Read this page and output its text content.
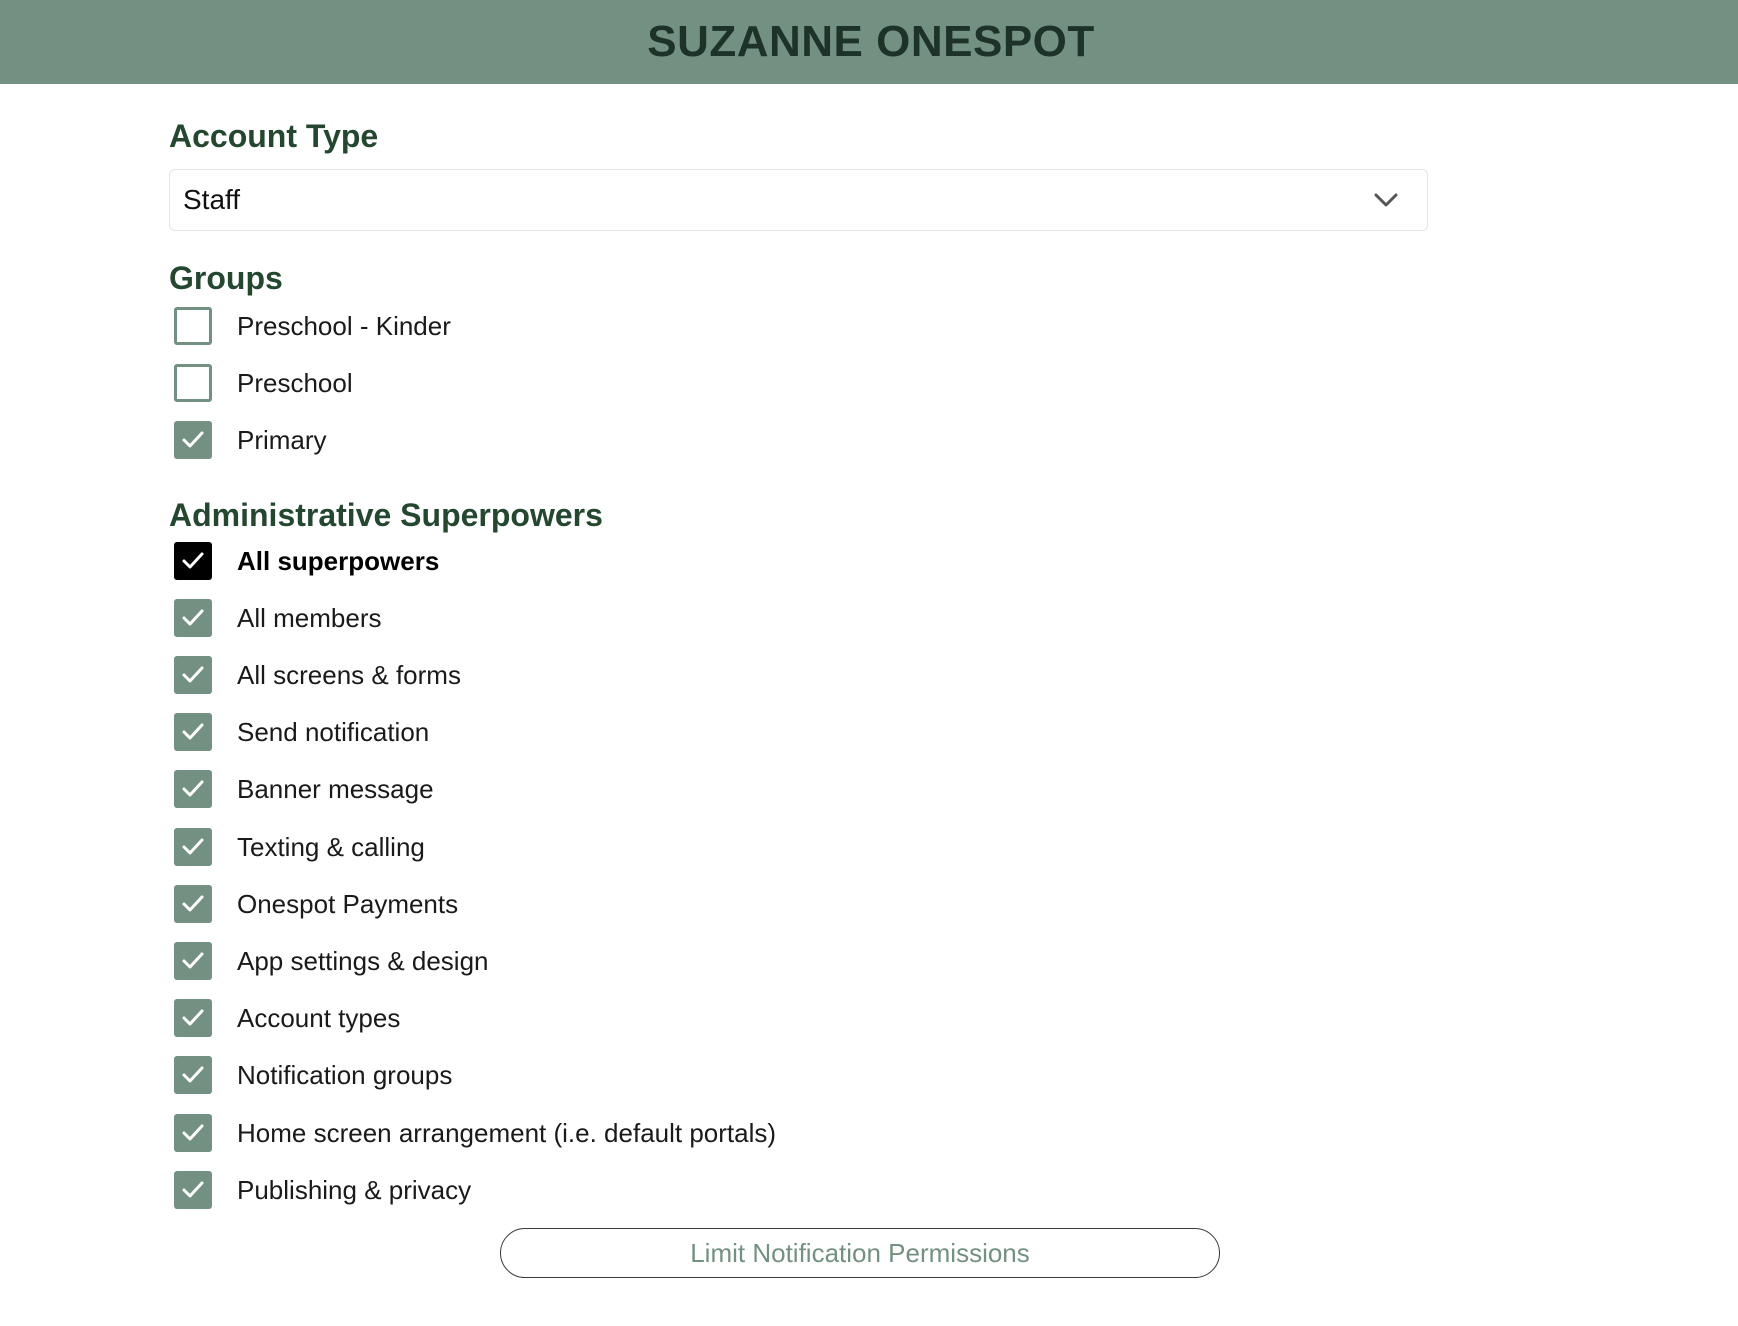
SUZANNE ONESPOT
Account Type
Staff
Groups
Preschool - Kinder
Preschool
Primary
Administrative Superpowers
All superpowers
All members
All screens & forms
Send notification
Banner message
Texting & calling
Onespot Payments
App settings & design
Account types
Notification groups
Home screen arrangement (i.e. default portals)
Publishing & privacy
Limit Notification Permissions
